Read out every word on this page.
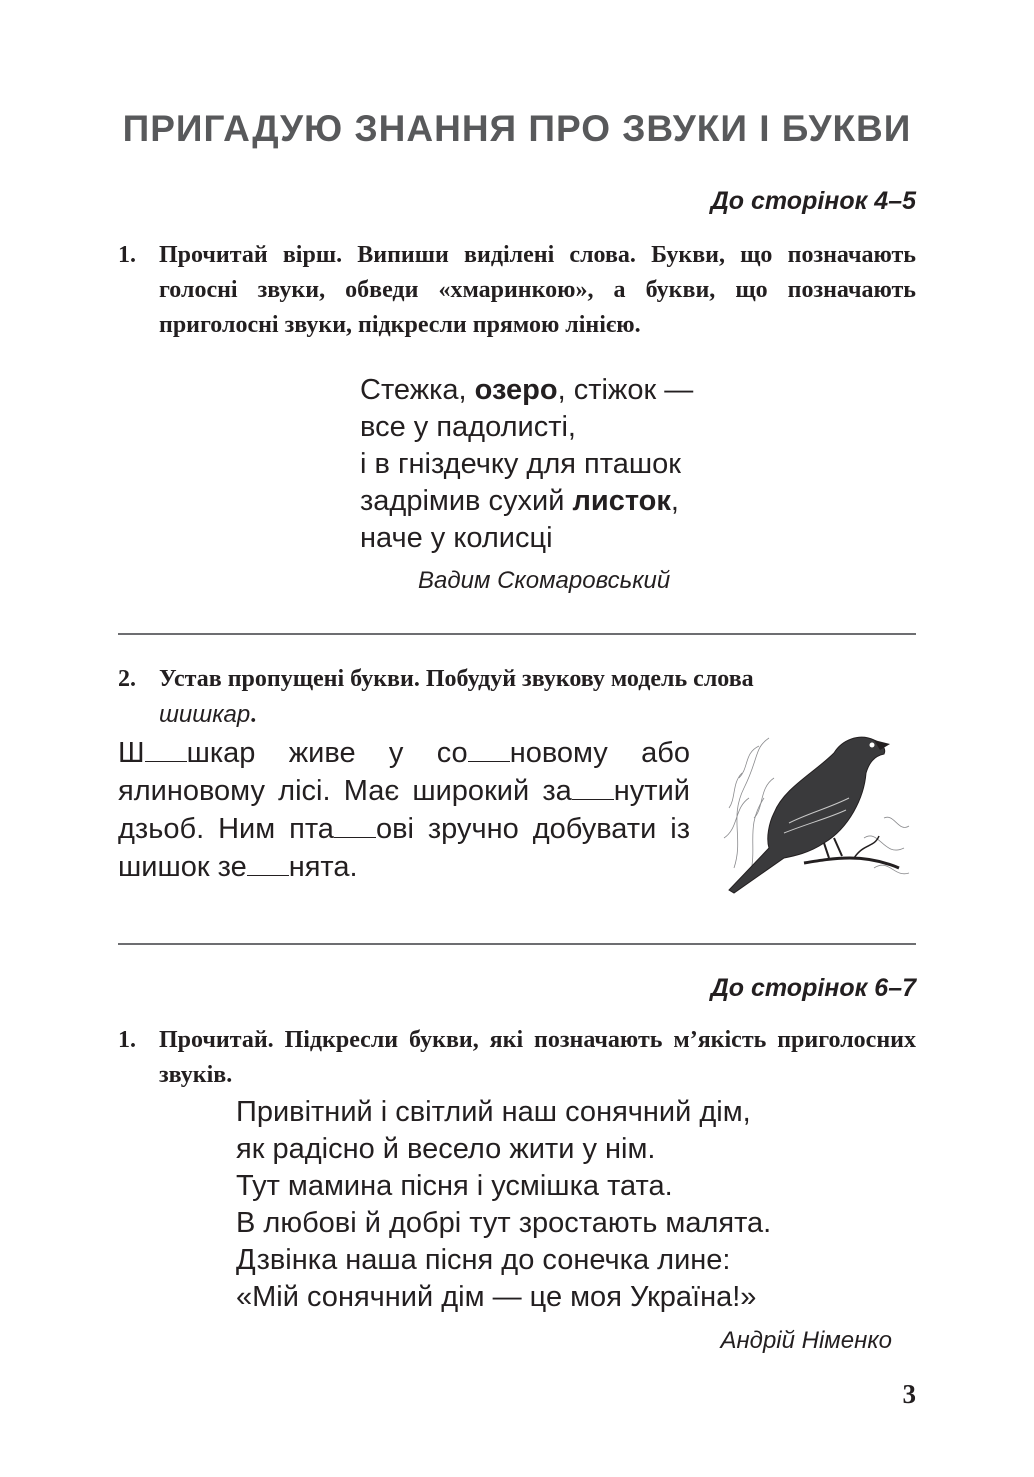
ПРИГАДУЮ ЗНАННЯ ПРО ЗВУКИ І БУКВИ
До сторінок 4–5
1. Прочитай вірш. Випиши виділені слова. Букви, що позначають голосні звуки, обведи «хмаринкою», а букви, що позначають приголосні звуки, підкресли прямою лінією.
Стежка, озеро, стіжок —
все у падолисті,
і в гніздечку для пташок
задрімив сухий листок,
наче у колисці
Вадим Скомаровський
2. Устав пропущені букви. Побудуй звукову модель слова
шишкар.
Ш шкар живе у со новому або ялиновому лісі. Має широкий за нутий дзьоб. Ним пта ові зручно добувати із шишок зе нята.
До сторінок 6–7
1. Прочитай. Підкресли букви, які позначають м’якість приголосних звуків.
Привітний і світлий наш сонячний дім,
як радісно й весело жити у нім.
Тут мамина пісня і усмішка тата.
В любові й добрі тут зростають малята.
Дзвінка наша пісня до сонечка лине:
«Мій сонячний дім — це моя Україна!»
Андрій Німенко
3
